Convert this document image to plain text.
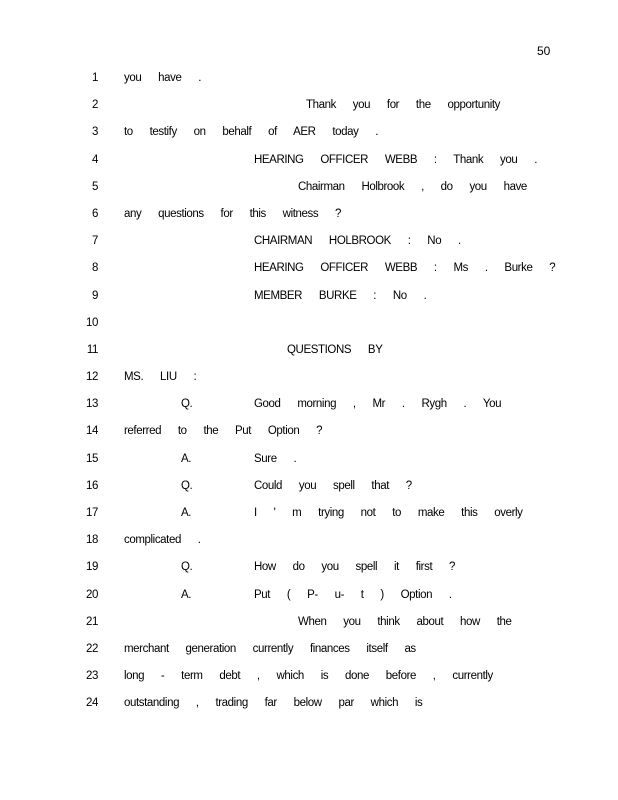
50
1 you have .
2	Thank you for the opportunity
3 to testify on behalf of AER today .
4	HEARING OFFICER WEBB : Thank you .
5	Chairman Holbrook , do you have
6 any questions for this witness ?
7	CHAIRMAN HOLBROOK : No .
8	HEARING OFFICER WEBB : Ms . Burke ?
9	MEMBER BURKE : No .
10
11	QUESTIONS BY
12 MS. LIU :
13	Q.	Good morning , Mr . Rygh . You
14 referred to the Put Option ?
15	A.	Sure .
16	Q.	Could you spell that ?
17	A.	I ' m trying not to make this overly
18 complicated .
19	Q.	How do you spell it first ?
20	A.	Put ( P- u- t ) Option .
21	When you think about how the
22 merchant generation currently finances itself as
23 long - term debt , which is done before , currently
24 outstanding , trading far below par which is
